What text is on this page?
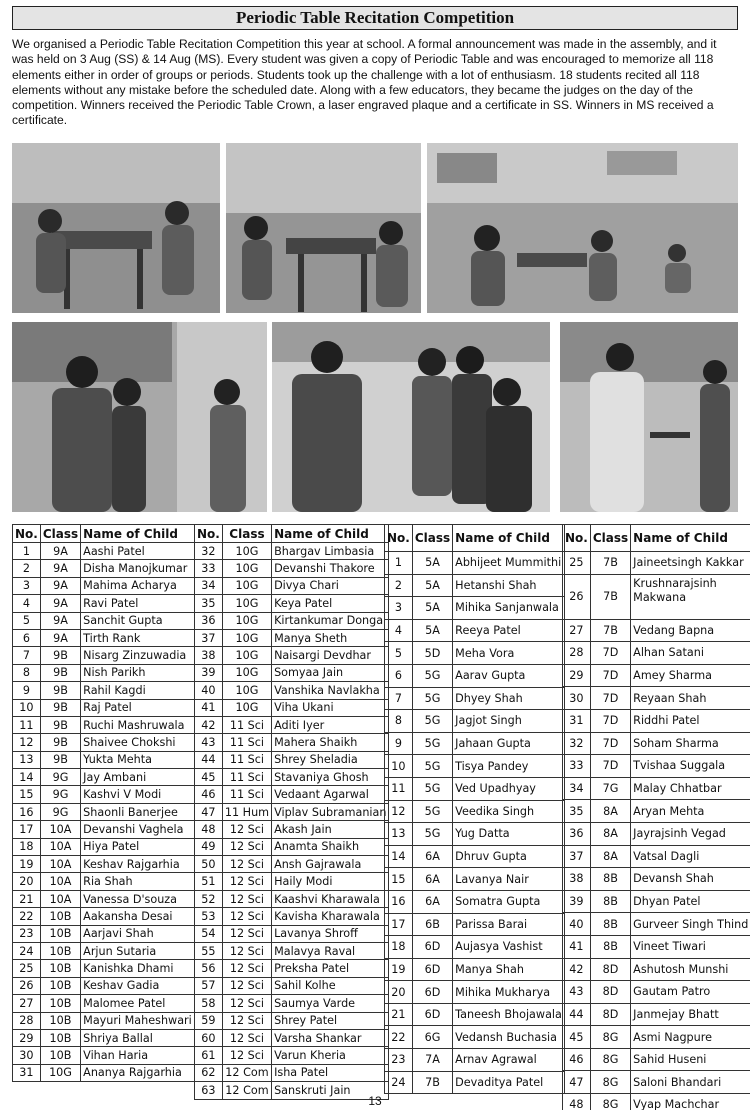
Periodic Table Recitation Competition

We organised a Periodic Table Recitation Competition this year at school. A formal announcement was made in the assembly, and it was held on 3 Aug (SS) & 14 Aug (MS). Every student was given a copy of Periodic Table and was encouraged to memorize all 118 elements either in order of groups or periods. Students took up the challenge with a lot of enthusiasm. 18 students recited all 118 elements without any mistake before the scheduled date. Along with a few educators, they became the judges on the day of the competition. Winners received the Periodic Table Crown, a laser engraved plaque and a certificate in SS. Winners in MS received a certificate.

No.	Class	Name of Child
1	9A	Aashi Patel
2	9A	Disha Manojkumar
3	9A	Mahima Acharya
4	9A	Ravi Patel
5	9A	Sanchit Gupta
6	9A	Tirth Rank
7	9B	Nisarg Zinzuwadia
8	9B	Nish Parikh
9	9B	Rahil Kagdi
10	9B	Raj Patel
11	9B	Ruchi Mashruwala
12	9B	Shaivee Chokshi
13	9B	Yukta Mehta
14	9G	Jay Ambani
15	9G	Kashvi V Modi
16	9G	Shaonli Banerjee
17	10A	Devanshi Vaghela
18	10A	Hiya Patel
19	10A	Keshav Rajgarhia
20	10A	Ria Shah
21	10A	Vanessa D'souza
22	10B	Aakansha Desai
23	10B	Aarjavi Shah
24	10B	Arjun Sutaria
25	10B	Kanishka Dhami
26	10B	Keshav Gadia
27	10B	Malomee Patel
28	10B	Mayuri Maheshwari
29	10B	Shriya Ballal
30	10B	Vihan Haria
31	10G	Ananya Rajgarhia
No.	Class	Name of Child
32	10G	Bhargav Limbasia
33	10G	Devanshi Thakore
34	10G	Divya Chari
35	10G	Keya Patel
36	10G	Kirtankumar Donga
37	10G	Manya Sheth
38	10G	Naisargi Devdhar
39	10G	Somyaa Jain
40	10G	Vanshika Navlakha
41	10G	Viha Ukani
42	11 Sci	Aditi Iyer
43	11 Sci	Mahera Shaikh
44	11 Sci	Shrey Sheladia
45	11 Sci	Stavaniya Ghosh
46	11 Sci	Vedaant Agarwal
47	11 Hum	Viplav Subramanian
48	12 Sci	Akash Jain
49	12 Sci	Anamta Shaikh
50	12 Sci	Ansh Gajrawala
51	12 Sci	Haily Modi
52	12 Sci	Kaashvi Kharawala
53	12 Sci	Kavisha Kharawala
54	12 Sci	Lavanya Shroff
55	12 Sci	Malavya Raval
56	12 Sci	Preksha Patel
57	12 Sci	Sahil Kolhe
58	12 Sci	Saumya Varde
59	12 Sci	Shrey Patel
60	12 Sci	Varsha Shankar
61	12 Sci	Varun Kheria
62	12 Com	Isha Patel
63	12 Com	Sanskruti Jain
No.	Class	Name of Child
1	5A	Abhijeet Mummithi
2	5A	Hetanshi Shah
3	5A	Mihika Sanjanwala
4	5A	Reeya Patel
5	5D	Meha Vora
6	5G	Aarav Gupta
7	5G	Dhyey Shah
8	5G	Jagjot Singh
9	5G	Jahaan Gupta
10	5G	Tisya Pandey
11	5G	Ved Upadhyay
12	5G	Veedika Singh
13	5G	Yug Datta
14	6A	Dhruv Gupta
15	6A	Lavanya Nair
16	6A	Somatra Gupta
17	6B	Parissa Barai
18	6D	Aujasya Vashist
19	6D	Manya Shah
20	6D	Mihika Mukharya
21	6D	Taneesh Bhojawala
22	6G	Vedansh Buchasia
23	7A	Arnav Agrawal
24	7B	Devaditya Patel
No.	Class	Name of Child
25	7B	Jaineetsingh Kakkar
26	7B	Krushnarajsinh Makwana
27	7B	Vedang Bapna
28	7D	Alhan Satani
29	7D	Amey Sharma
30	7D	Reyaan Shah
31	7D	Riddhi Patel
32	7D	Soham Sharma
33	7D	Tvishaa Suggala
34	7G	Malay Chhatbar
35	8A	Aryan Mehta
36	8A	Jayrajsinh Vegad
37	8A	Vatsal Dagli
38	8B	Devansh Shah
39	8B	Dhyan Patel
40	8B	Gurveer Singh Thind
41	8B	Vineet Tiwari
42	8D	Ashutosh Munshi
43	8D	Gautam Patro
44	8D	Janmejay Bhatt
45	8G	Asmi Nagpure
46	8G	Sahid Huseni
47	8G	Saloni Bhandari
48	8G	Vyap Machchar
13
